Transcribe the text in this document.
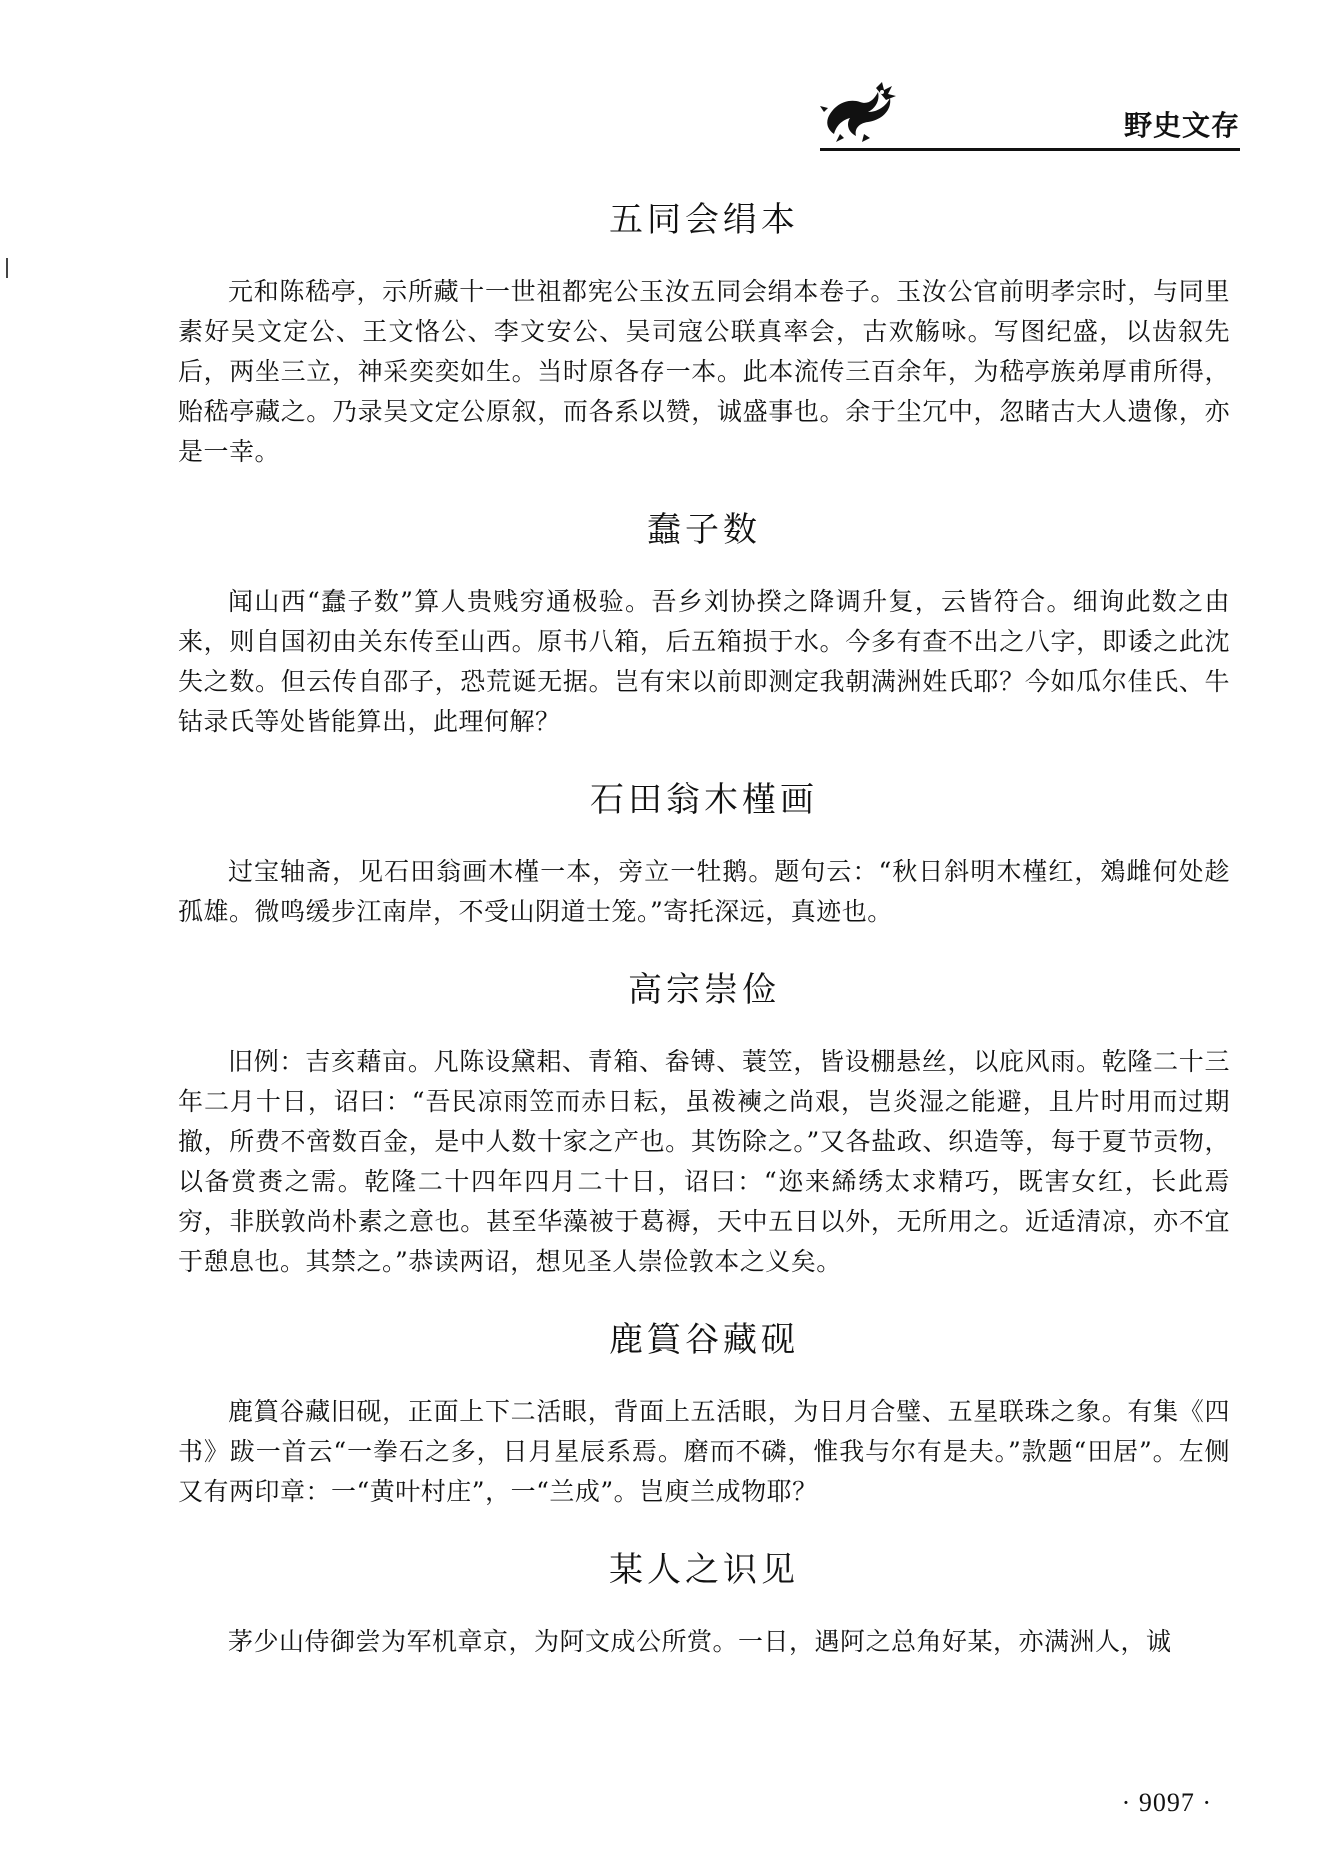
野史文存
五同会绢本

元和陈嵇亭，示所藏十一世祖都宪公玉汝五同会绢本卷子。玉汝公官前明孝宗时，与同里素好吴文定公、王文恪公、李文安公、吴司寇公联真率会，古欢觞咏。写图纪盛，以齿叙先后，两坐三立，神采奕奕如生。当时原各存一本。此本流传三百余年，为嵇亭族弟厚甫所得，贻嵇亭藏之。乃录吴文定公原叙，而各系以赞，诚盛事也。余于尘冗中，忽睹古大人遗像，亦是一幸。

蠢子数

闻山西“蠢子数”算人贵贱穷通极验。吾乡刘协揆之降调升复，云皆符合。细询此数之由来，则自国初由关东传至山西。原书八箱，后五箱损于水。今多有查不出之八字，即诿之此沈失之数。但云传自邵子，恐荒诞无据。岂有宋以前即测定我朝满洲姓氏耶？今如瓜尔佳氏、牛钴录氏等处皆能算出，此理何解？

石田翁木槿画

过宝轴斋，见石田翁画木槿一本，旁立一牡鹅。题句云：“秋日斜明木槿红，鵁雌何处趁孤雄。微鸣缓步江南岸，不受山阴道士笼。”寄托深远，真迹也。

高宗崇俭

旧例：吉亥藉亩。凡陈设黛耜、青箱、畚镈、蓑笠，皆设棚悬丝，以庇风雨。乾隆二十三年二月十日，诏曰：“吾民凉雨笠而赤日耘，虽袯襫之尚艰，岂炎湿之能避，且片时用而过期撤，所费不啻数百金，是中人数十家之产也。其饬除之。”又各盐政、织造等，每于夏节贡物，以备赏赉之需。乾隆二十四年四月二十日，诏曰：“迩来絺绣太求精巧，既害女红，长此焉穷，非朕敦尚朴素之意也。甚至华藻被于葛褥，天中五日以外，无所用之。近适清凉，亦不宜于憩息也。其禁之。”恭读两诏，想见圣人崇俭敦本之义矣。

鹿篔谷藏砚

鹿篔谷藏旧砚，正面上下二活眼，背面上五活眼，为日月合璧、五星联珠之象。有集《四书》跋一首云“一拳石之多，日月星辰系焉。磨而不磷，惟我与尔有是夫。”款题“田居”。左侧又有两印章：一“黄叶村庄”，一“兰成”。岂庾兰成物耶？

某人之识见

茅少山侍御尝为军机章京，为阿文成公所赏。一日，遇阿之总角好某，亦满洲人，诚

· 9097 ·
